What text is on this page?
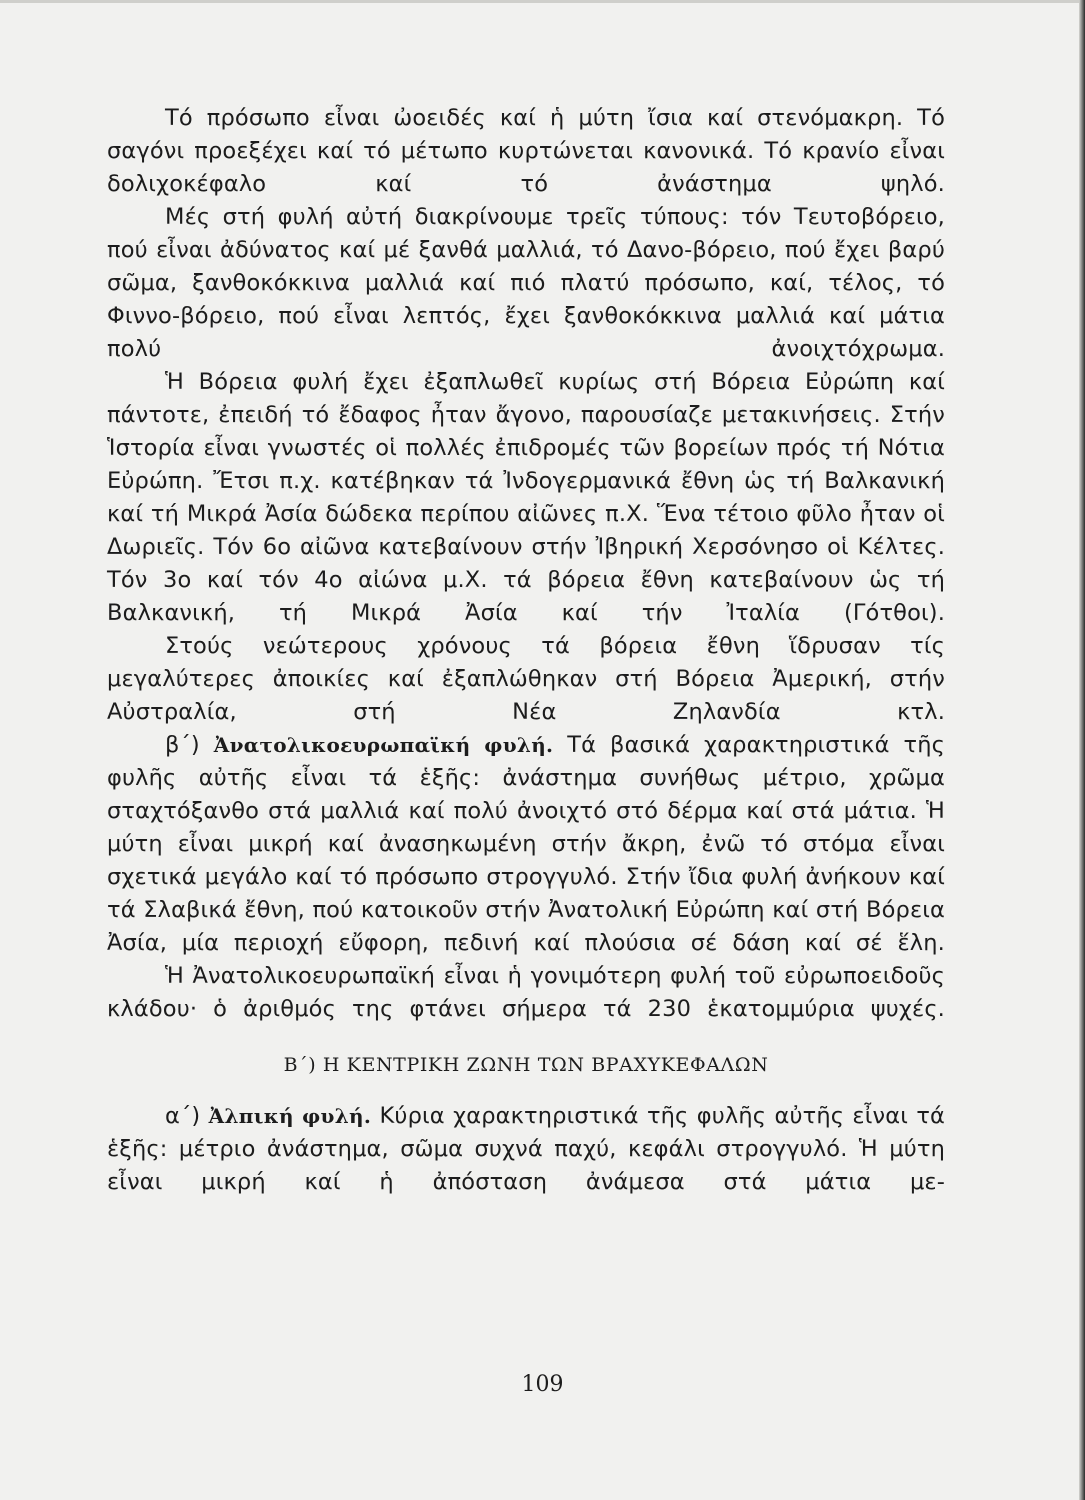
Τό πρόσωπο εἶναι ὠοειδές καί ἡ μύτη ἴσια καί στενόμακρη. Τό σαγόνι προεξέχει καί τό μέτωπο κυρτώνεται κανονικά. Τό κρανίο εἶναι δολιχοκέφαλο καί τό ἀνάστημα ψηλό.

Μές στή φυλή αὐτή διακρίνουμε τρεῖς τύπους: τόν Τευτοβόρειο, πού εἶναι ἀδύνατος καί μέ ξανθά μαλλιά, τό Δανο-βόρειο, πού ἔχει βαρύ σῶμα, ξανθοκόκκινα μαλλιά καί πιό πλατύ πρόσωπο, καί, τέλος, τό Φιννο-βόρειο, πού εἶναι λεπτός, ἔχει ξανθοκόκκινα μαλλιά καί μάτια πολύ ἀνοιχτόχρωμα.

Ἡ Βόρεια φυλή ἔχει ἐξαπλωθεῖ κυρίως στή Βόρεια Εὐρώπη καί πάντοτε, ἐπειδή τό ἔδαφος ἦταν ἄγονο, παρουσίαζε μετακινήσεις. Στήν Ἱστορία εἶναι γνωστές οἱ πολλές ἐπιδρομές τῶν βορείων πρός τή Νότια Εὐρώπη. Ἔτσι π.χ. κατέβηκαν τά Ἰνδογερμανικά ἔθνη ὡς τή Βαλκανική καί τή Μικρά Ἀσία δώδεκα περίπου αἰῶνες π.Χ. Ἕνα τέτοιο φῦλο ἦταν οἱ Δωριεῖς. Τόν 6ο αἰῶνα κατεβαίνουν στήν Ἰβηρική Χερσόνησο οἱ Κέλτες. Τόν 3ο καί τόν 4ο αἰώνα μ.Χ. τά βόρεια ἔθνη κατεβαίνουν ὡς τή Βαλκανική, τή Μικρά Ἀσία καί τήν Ἰταλία (Γότθοι).

Στούς νεώτερους χρόνους τά βόρεια ἔθνη ἵδρυσαν τίς μεγαλύτερες ἀποικίες καί ἐξαπλώθηκαν στή Βόρεια Ἀμερική, στήν Αὐστραλία, στή Νέα Ζηλανδία κτλ.

β΄) Ἀνατολικοευρωπαϊκή φυλή. Τά βασικά χαρακτηριστικά τῆς φυλῆς αὐτῆς εἶναι τά ἑξῆς: ἀνάστημα συνήθως μέτριο, χρῶμα σταχτόξανθο στά μαλλιά καί πολύ ἀνοιχτό στό δέρμα καί στά μάτια. Ἡ μύτη εἶναι μικρή καί ἀνασηκωμένη στήν ἄκρη, ἐνῶ τό στόμα εἶναι σχετικά μεγάλο καί τό πρόσωπο στρογγυλό. Στήν ἴδια φυλή ἀνήκουν καί τά Σλαβικά ἔθνη, πού κατοικοῦν στήν Ἀνατολική Εὐρώπη καί στή Βόρεια Ἀσία, μία περιοχή εὔφορη, πεδινή καί πλούσια σέ δάση καί σέ ἕλη.

Ἡ Ἀνατολικοευρωπαϊκή εἶναι ἡ γονιμότερη φυλή τοῦ εὐρωποειδοῦς κλάδου· ὁ ἀριθμός της φτάνει σήμερα τά 230 ἑκατομμύρια ψυχές.

Β΄) Η ΚΕΝΤΡΙΚΗ ΖΩΝΗ ΤΩΝ ΒΡΑΧΥΚΕΦΑΛΩΝ

α΄) Ἀλπική φυλή. Κύρια χαρακτηριστικά τῆς φυλῆς αὐτῆς εἶναι τά ἑξῆς: μέτριο ἀνάστημα, σῶμα συχνά παχύ, κεφάλι στρογγυλό. Ἡ μύτη εἶναι μικρή καί ἡ ἀπόσταση ἀνάμεσα στά μάτια με-

109
